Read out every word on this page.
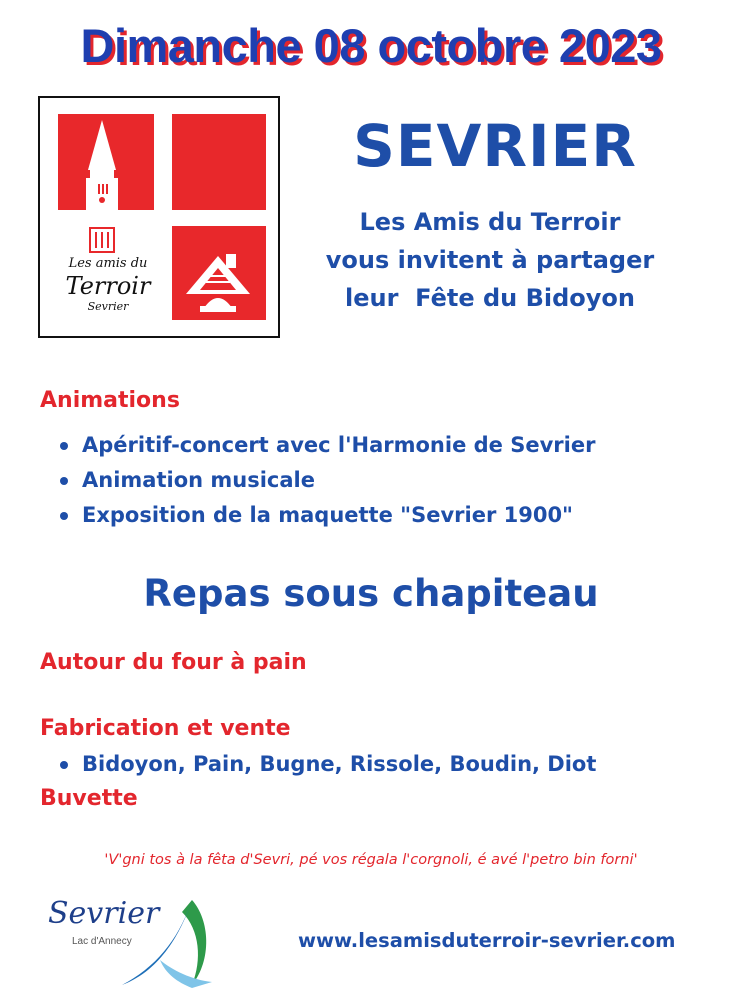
Dimanche 08 octobre 2023
Les amis du
Terroir
Sevrier
SEVRIER
Les Amis du Terroir
vous invitent à partager
leur  Fête du Bidoyon
Animations
Apéritif-concert avec l'Harmonie de Sevrier
Animation musicale
Exposition de la maquette "Sevrier 1900"
Repas sous chapiteau
Autour du four à pain
Fabrication et vente
Bidoyon, Pain, Bugne, Rissole, Boudin, Diot
Buvette
'V'gni tos à la fêta d'Sevri, pé vos régala l'corgnoli, é avé l'petro bin forni'
Sevrier
Lac d'Annecy	www.lesamisduterroir-sevrier.com
